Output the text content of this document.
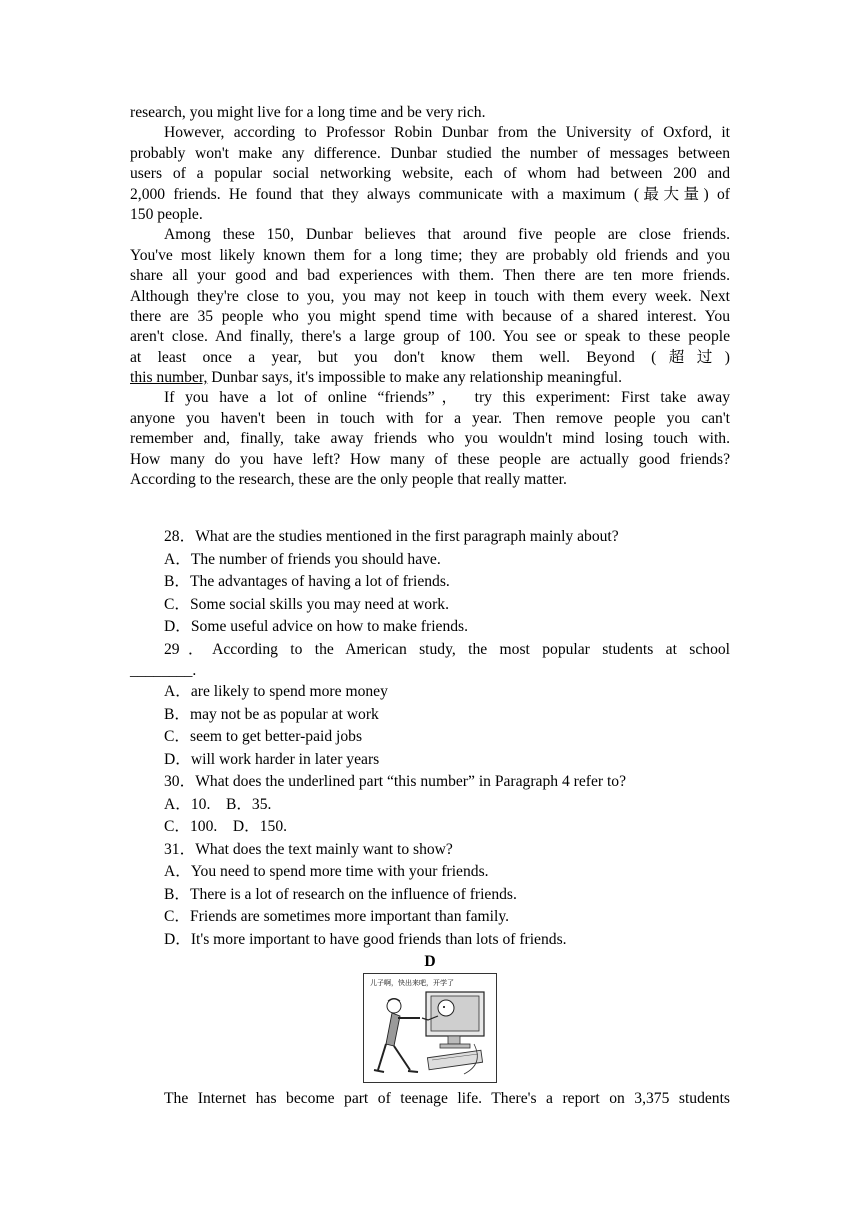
research, you might live for a long time and be very rich.
However, according to Professor Robin Dunbar from the University of Oxford, it
probably won't make any difference. Dunbar studied the number of messages between
users of a popular social networking website, each of whom had between 200 and
2,000 friends. He found that they always communicate with a maximum (最大量) of
150 people.
Among these 150, Dunbar believes that around five people are close friends.
You've most likely known them for a long time; they are probably old friends and you
share all your good and bad experiences with them. Then there are ten more friends.
Although they're close to you, you may not keep in touch with them every week. Next
there are 35 people who you might spend time with because of a shared interest. You
aren't close. And finally, there's a large group of 100. You see or speak to these people
at least once a year, but you don't know them well. Beyond (超过)
this number, Dunbar says, it's impossible to make any relationship meaningful.
If you have a lot of online “friends”， try this experiment: First take away
anyone you haven't been in touch with for a year. Then remove people you can't
remember and, finally, take away friends who you wouldn't mind losing touch with.
How many do you have left? How many of these people are actually good friends?
According to the research, these are the only people that really matter.
28．What are the studies mentioned in the first paragraph mainly about?
A．The number of friends you should have.
B．The advantages of having a lot of friends.
C．Some social skills you may need at work.
D．Some useful advice on how to make friends.
29．According to the American study, the most popular students at school
________.
A．are likely to spend more money
B．may not be as popular at work
C．seem to get better-paid jobs
D．will work harder in later years
30．What does the underlined part “this number” in Paragraph 4 refer to?
A．10.　B．35.
C．100.　D．150.
31．What does the text mainly want to show?
A．You need to spend more time with your friends.
B．There is a lot of research on the influence of friends.
C．Friends are sometimes more important than family.
D．It's more important to have good friends than lots of friends.
D
儿子啊，快出来吧，开学了
The Internet has become part of teenage life. There's a report on 3,375 students
